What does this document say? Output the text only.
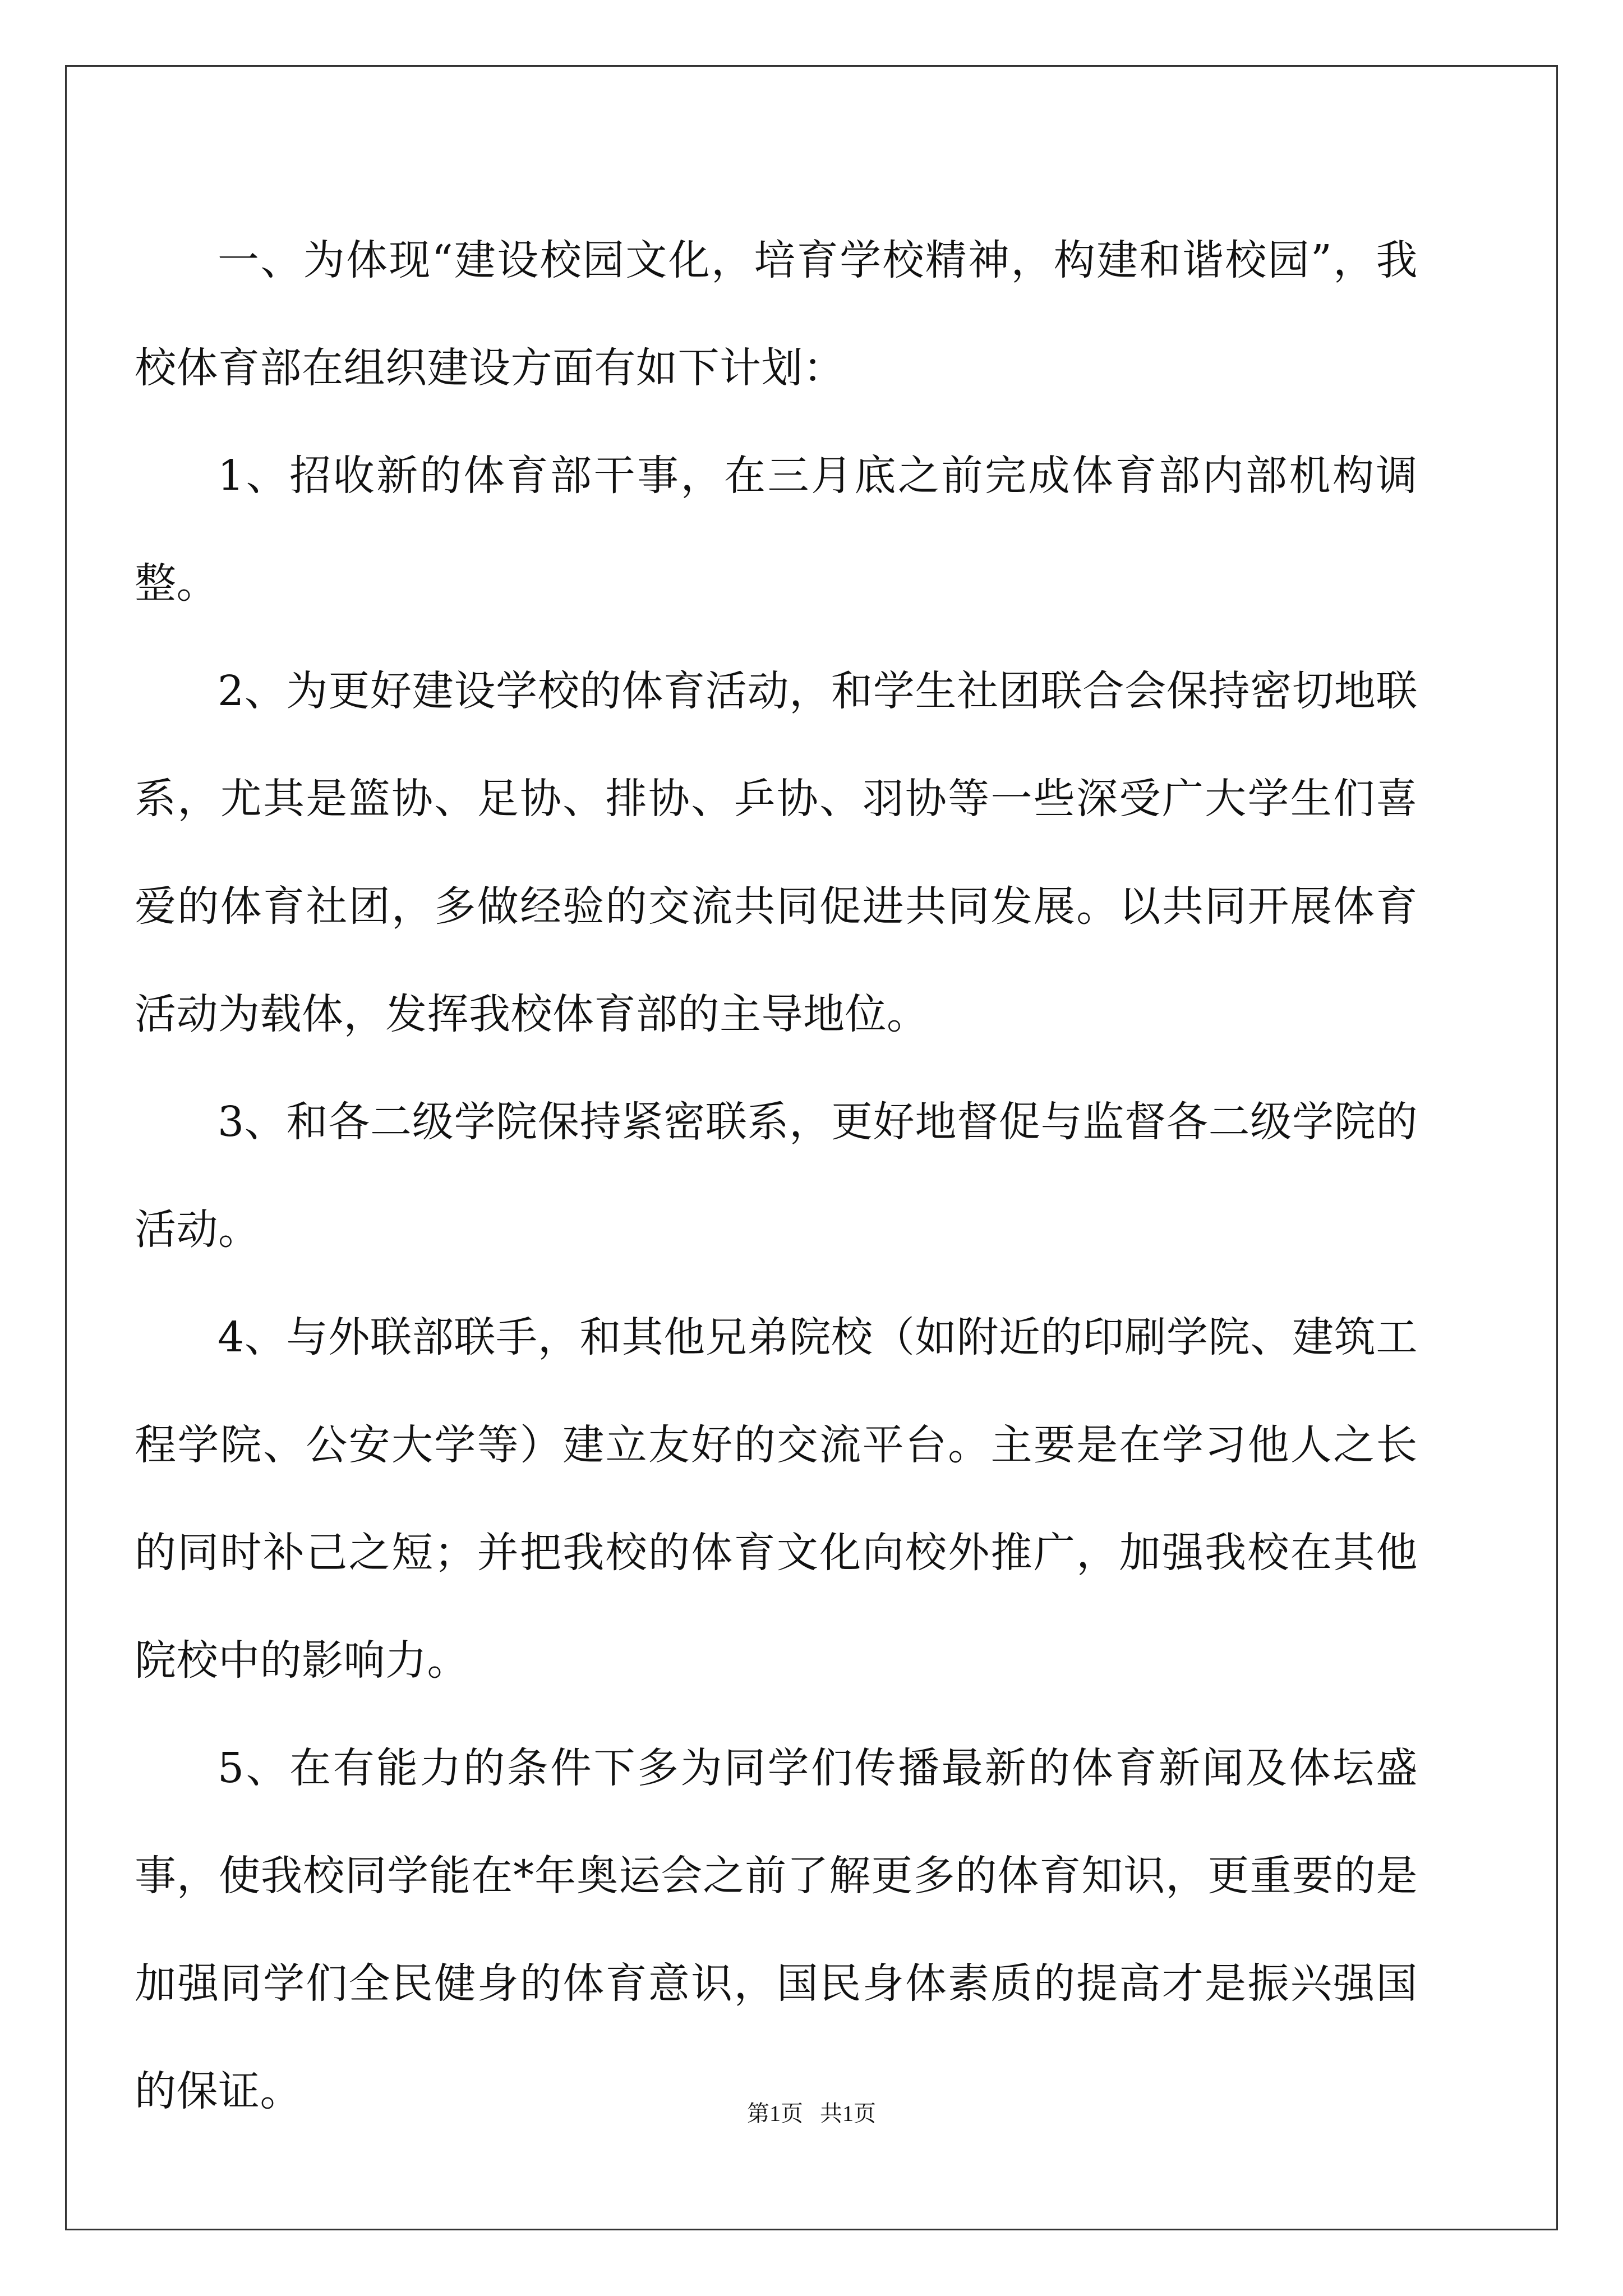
一、为体现“建设校园文化，培育学校精神，构建和谐校园”，我校体育部在组织建设方面有如下计划：

1、招收新的体育部干事，在三月底之前完成体育部内部机构调整。

2、为更好建设学校的体育活动，和学生社团联合会保持密切地联系，尤其是篮协、足协、排协、乒协、羽协等一些深受广大学生们喜爱的体育社团，多做经验的交流共同促进共同发展。以共同开展体育活动为载体，发挥我校体育部的主导地位。

3、和各二级学院保持紧密联系，更好地督促与监督各二级学院的活动。

4、与外联部联手，和其他兄弟院校（如附近的印刷学院、建筑工程学院、公安大学等）建立友好的交流平台。主要是在学习他人之长的同时补己之短；并把我校的体育文化向校外推广，加强我校在其他院校中的影响力。

5、在有能力的条件下多为同学们传播最新的体育新闻及体坛盛事，使我校同学能在*年奥运会之前了解更多的体育知识，更重要的是加强同学们全民健身的体育意识，国民身体素质的提高才是振兴强国的保证。	第1页   共1页
